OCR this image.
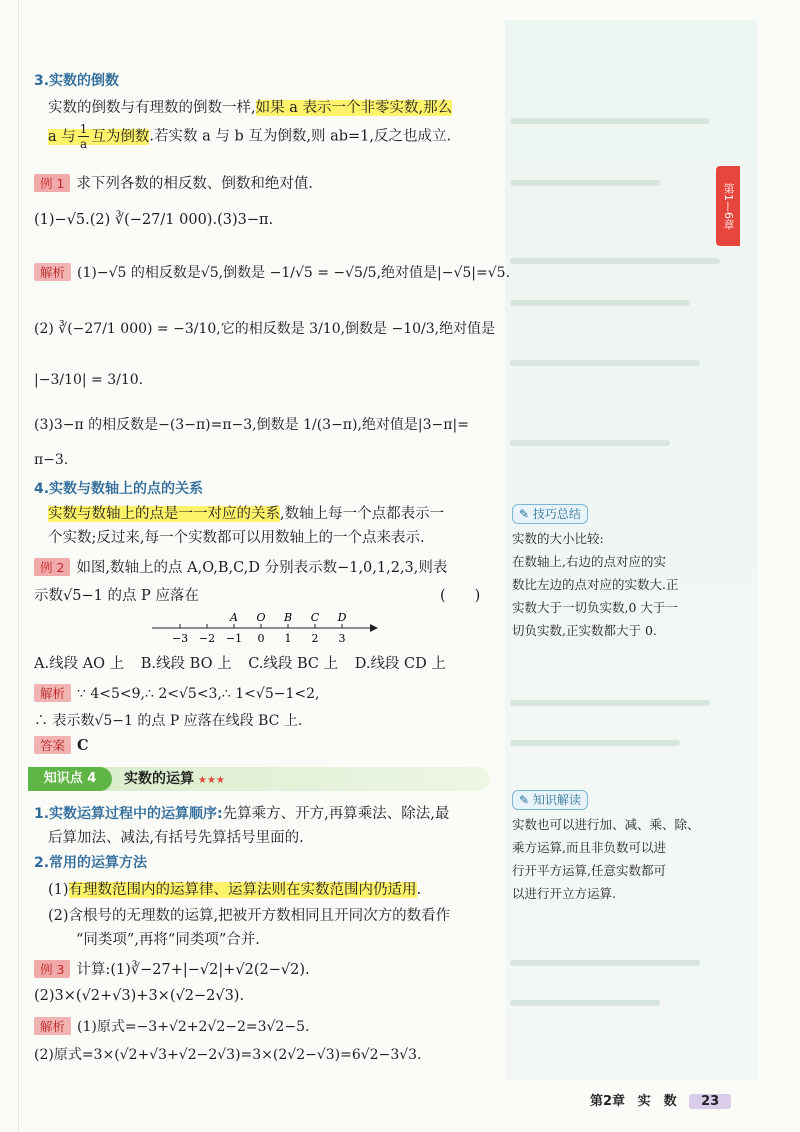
第1—6章
3.实数的倒数
实数的倒数与有理数的倒数一样,如果 a 表示一个非零实数,那么
a 与 $\frac{1}{a}$ 互为倒数.若实数 a 与 b 互为倒数,则 ab=1,反之也成立.
例 1 求下列各数的相反数、倒数和绝对值.
(1)−√5.(2) ∛(−27/1 000).(3)3−π.
解析 (1)−√5 的相反数是√5,倒数是 −1/√5 = −√5/5,绝对值是|−√5|=√5.
(2) ∛(−27/1 000) = −3/10,它的相反数是 3/10,倒数是 −10/3,绝对值是
|−3/10| = 3/10.
(3)3−π 的相反数是−(3−π)=π−3,倒数是 1/(3−π),绝对值是|3−π|=
π−3.
4.实数与数轴上的点的关系
实数与数轴上的点是一一对应的关系,数轴上每一个点都表示一
个实数;反过来,每一个实数都可以用数轴上的一个点来表示.
例 2 如图,数轴上的点 A,O,B,C,D 分别表示数−1,0,1,2,3,则表
示数√5−1 的点 P 应落在	(　　)
A O B C D
−3 −2 −1 0 1 2 3
A.线段 AO 上 B.线段 BO 上 C.线段 BC 上 D.线段 CD 上
解析 ∵ 4<5<9,∴ 2<√5<3,∴ 1<√5−1<2,
∴ 表示数√5−1 的点 P 应落在线段 BC 上.
答案 C
知识点 4	实数的运算 ★★★
1.实数运算过程中的运算顺序:先算乘方、开方,再算乘法、除法,最
后算加法、减法,有括号先算括号里面的.
2.常用的运算方法
(1)有理数范围内的运算律、运算法则在实数范围内仍适用.
(2)含根号的无理数的运算,把被开方数相同且开同次方的数看作
“同类项”,再将“同类项”合并.
例 3 计算:(1)∛−27+|−√2|+√2(2−√2).
(2)3×(√2+√3)+3×(√2−2√3).
解析 (1)原式=−3+√2+2√2−2=3√2−5.
(2)原式=3×(√2+√3+√2−2√3)=3×(2√2−√3)=6√2−3√3.
✎ 技巧总结
实数的大小比较:
在数轴上,右边的点对应的实
数比左边的点对应的实数大.正
实数大于一切负实数,0 大于一
切负实数,正实数都大于 0.
✎ 知识解读
实数也可以进行加、减、乘、除、
乘方运算,而且非负数可以进
行开平方运算,任意实数都可
以进行开立方运算.
第2章 实　数 23
